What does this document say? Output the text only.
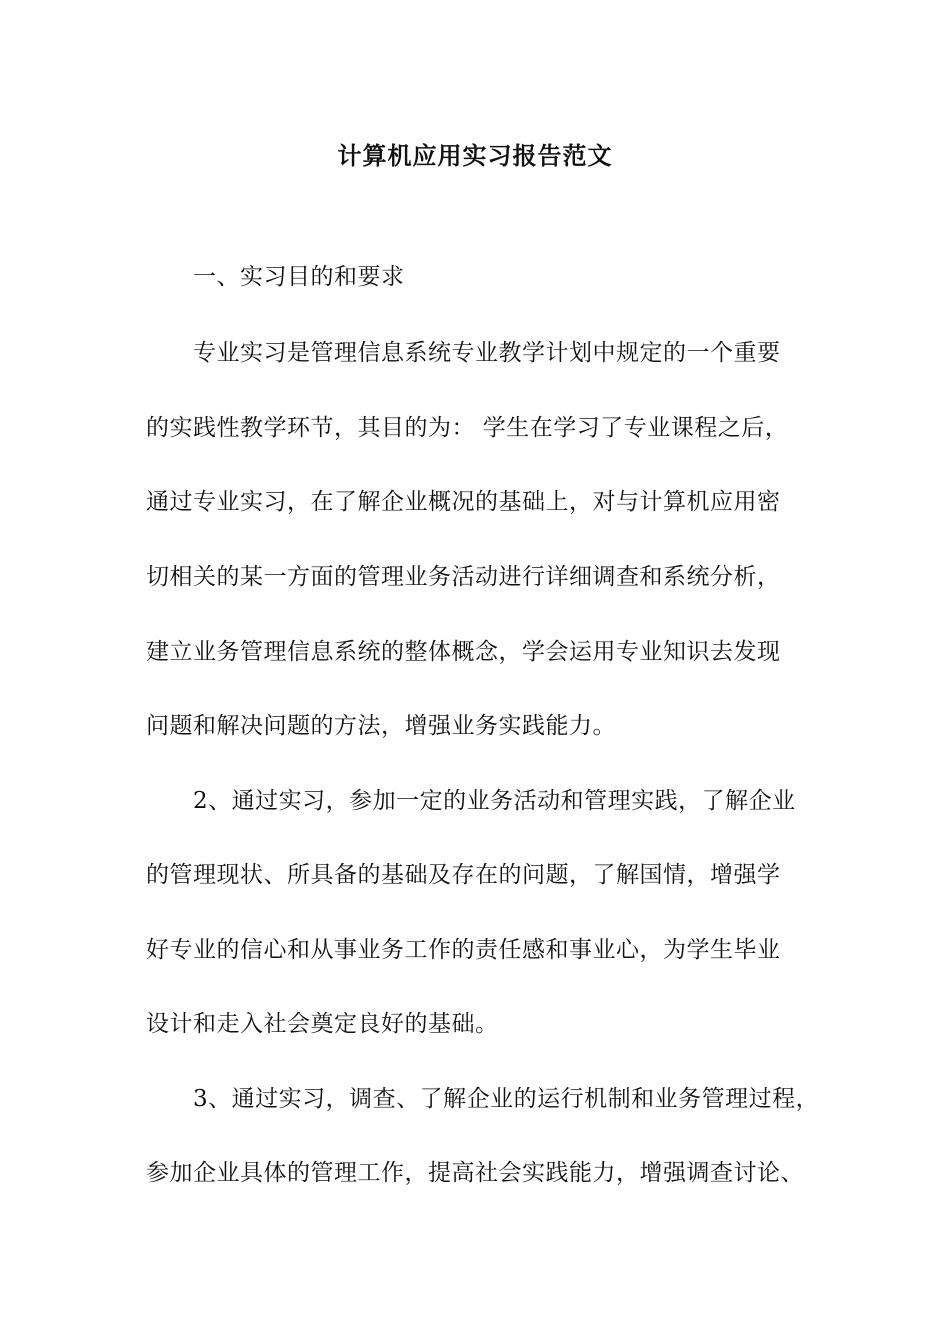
计算机应用实习报告范文
一、实习目的和要求
专业实习是管理信息系统专业教学计划中规定的一个重要
的实践性教学环节，其目的为： 学生在学习了专业课程之后，
通过专业实习，在了解企业概况的基础上，对与计算机应用密
切相关的某一方面的管理业务活动进行详细调查和系统分析，
建立业务管理信息系统的整体概念，学会运用专业知识去发现
问题和解决问题的方法，增强业务实践能力。
2、通过实习，参加一定的业务活动和管理实践，了解企业
的管理现状、所具备的基础及存在的问题，了解国情，增强学
好专业的信心和从事业务工作的责任感和事业心，为学生毕业
设计和走入社会奠定良好的基础。
3、通过实习，调查、了解企业的运行机制和业务管理过程，
参加企业具体的管理工作，提高社会实践能力，增强调查讨论、
